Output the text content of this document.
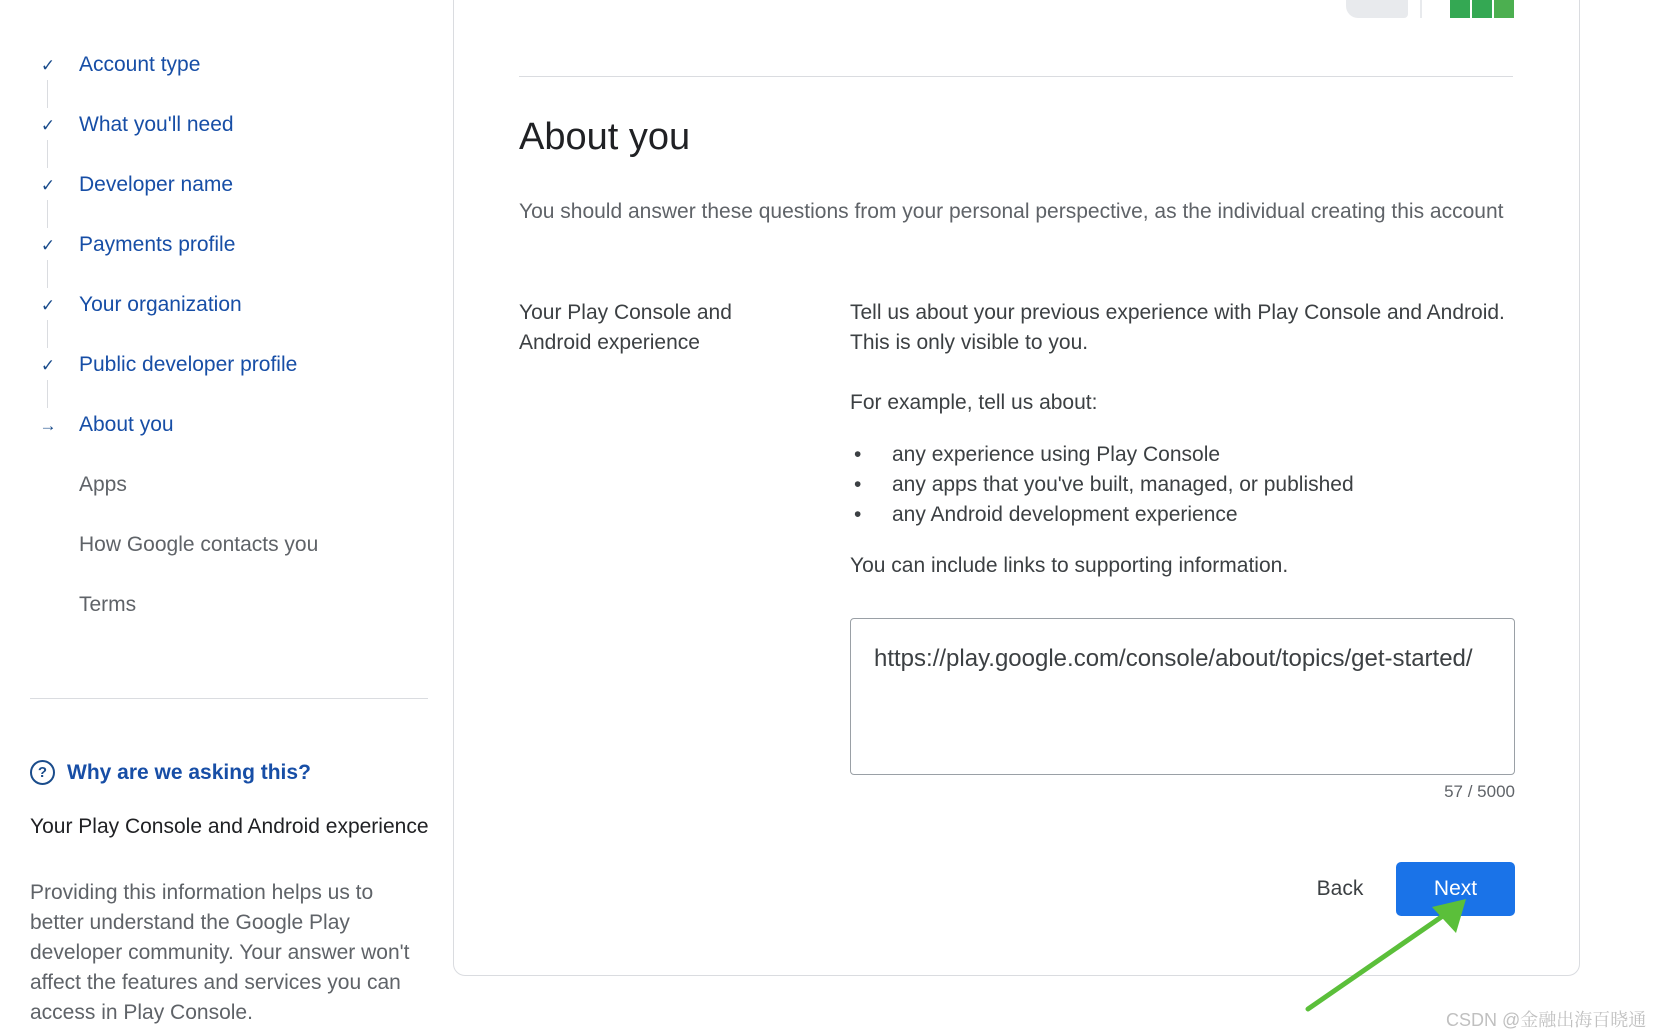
✓ Account type
✓ What you'll need
✓ Developer name
✓ Payments profile
✓ Your organization
✓ Public developer profile
→ About you
Apps
How Google contacts you
Terms
? Why are we asking this?
Your Play Console and Android experience
Providing this information helps us to better understand the Google Play developer community. Your answer won't affect the features and services you can access in Play Console.
About you

You should answer these questions from your personal perspective, as the individual creating this account

Your Play Console and Android experience

Tell us about your previous experience with Play Console and Android. This is only visible to you.

For example, tell us about:

• any experience using Play Console
• any apps that you've built, managed, or published
• any Android development experience

You can include links to supporting information.

https://play.google.com/console/about/topics/get-started/
57 / 5000
Back	Next
CSDN @金融出海百晓通
